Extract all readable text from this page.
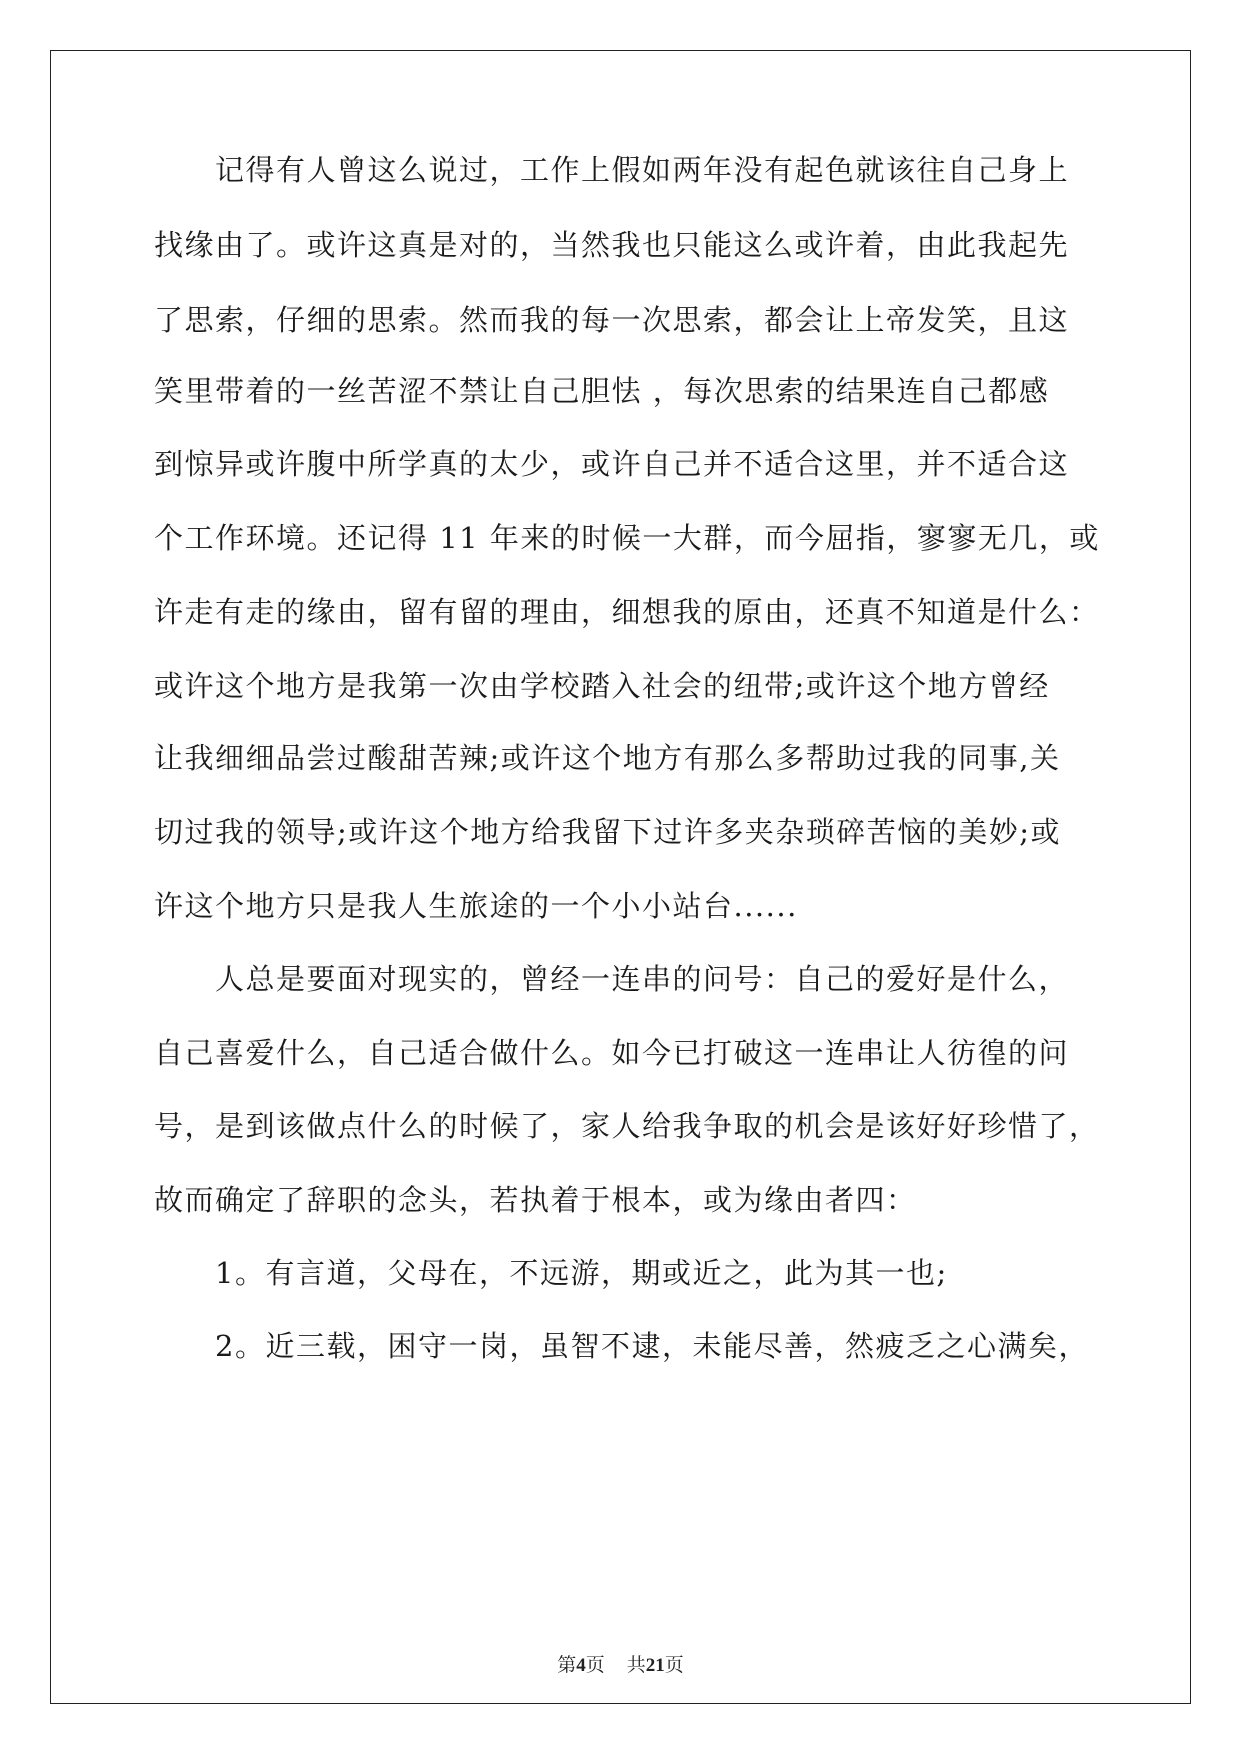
　　记得有人曾这么说过，工作上假如两年没有起色就该往自己身上
找缘由了。或许这真是对的，当然我也只能这么或许着，由此我起先
了思索，仔细的思索。然而我的每一次思索，都会让上帝发笑，且这
笑里带着的一丝苦涩不禁让自己胆怯 ，每次思索的结果连自己都感
到惊异或许腹中所学真的太少，或许自己并不适合这里，并不适合这
个工作环境。还记得 11 年来的时候一大群，而今屈指，寥寥无几，或
许走有走的缘由，留有留的理由，细想我的原由，还真不知道是什么：
或许这个地方是我第一次由学校踏入社会的纽带;或许这个地方曾经
让我细细品尝过酸甜苦辣;或许这个地方有那么多帮助过我的同事,关
切过我的领导;或许这个地方给我留下过许多夹杂琐碎苦恼的美妙;或
许这个地方只是我人生旅途的一个小小站台......
　　人总是要面对现实的，曾经一连串的问号：自己的爱好是什么，
自己喜爱什么，自己适合做什么。如今已打破这一连串让人彷徨的问
号，是到该做点什么的时候了，家人给我争取的机会是该好好珍惜了，
故而确定了辞职的念头，若执着于根本，或为缘由者四：
　　1。有言道，父母在，不远游，期或近之，此为其一也;
　　2。近三载，困守一岗，虽智不逮，未能尽善，然疲乏之心满矣，
第4页 共21页
